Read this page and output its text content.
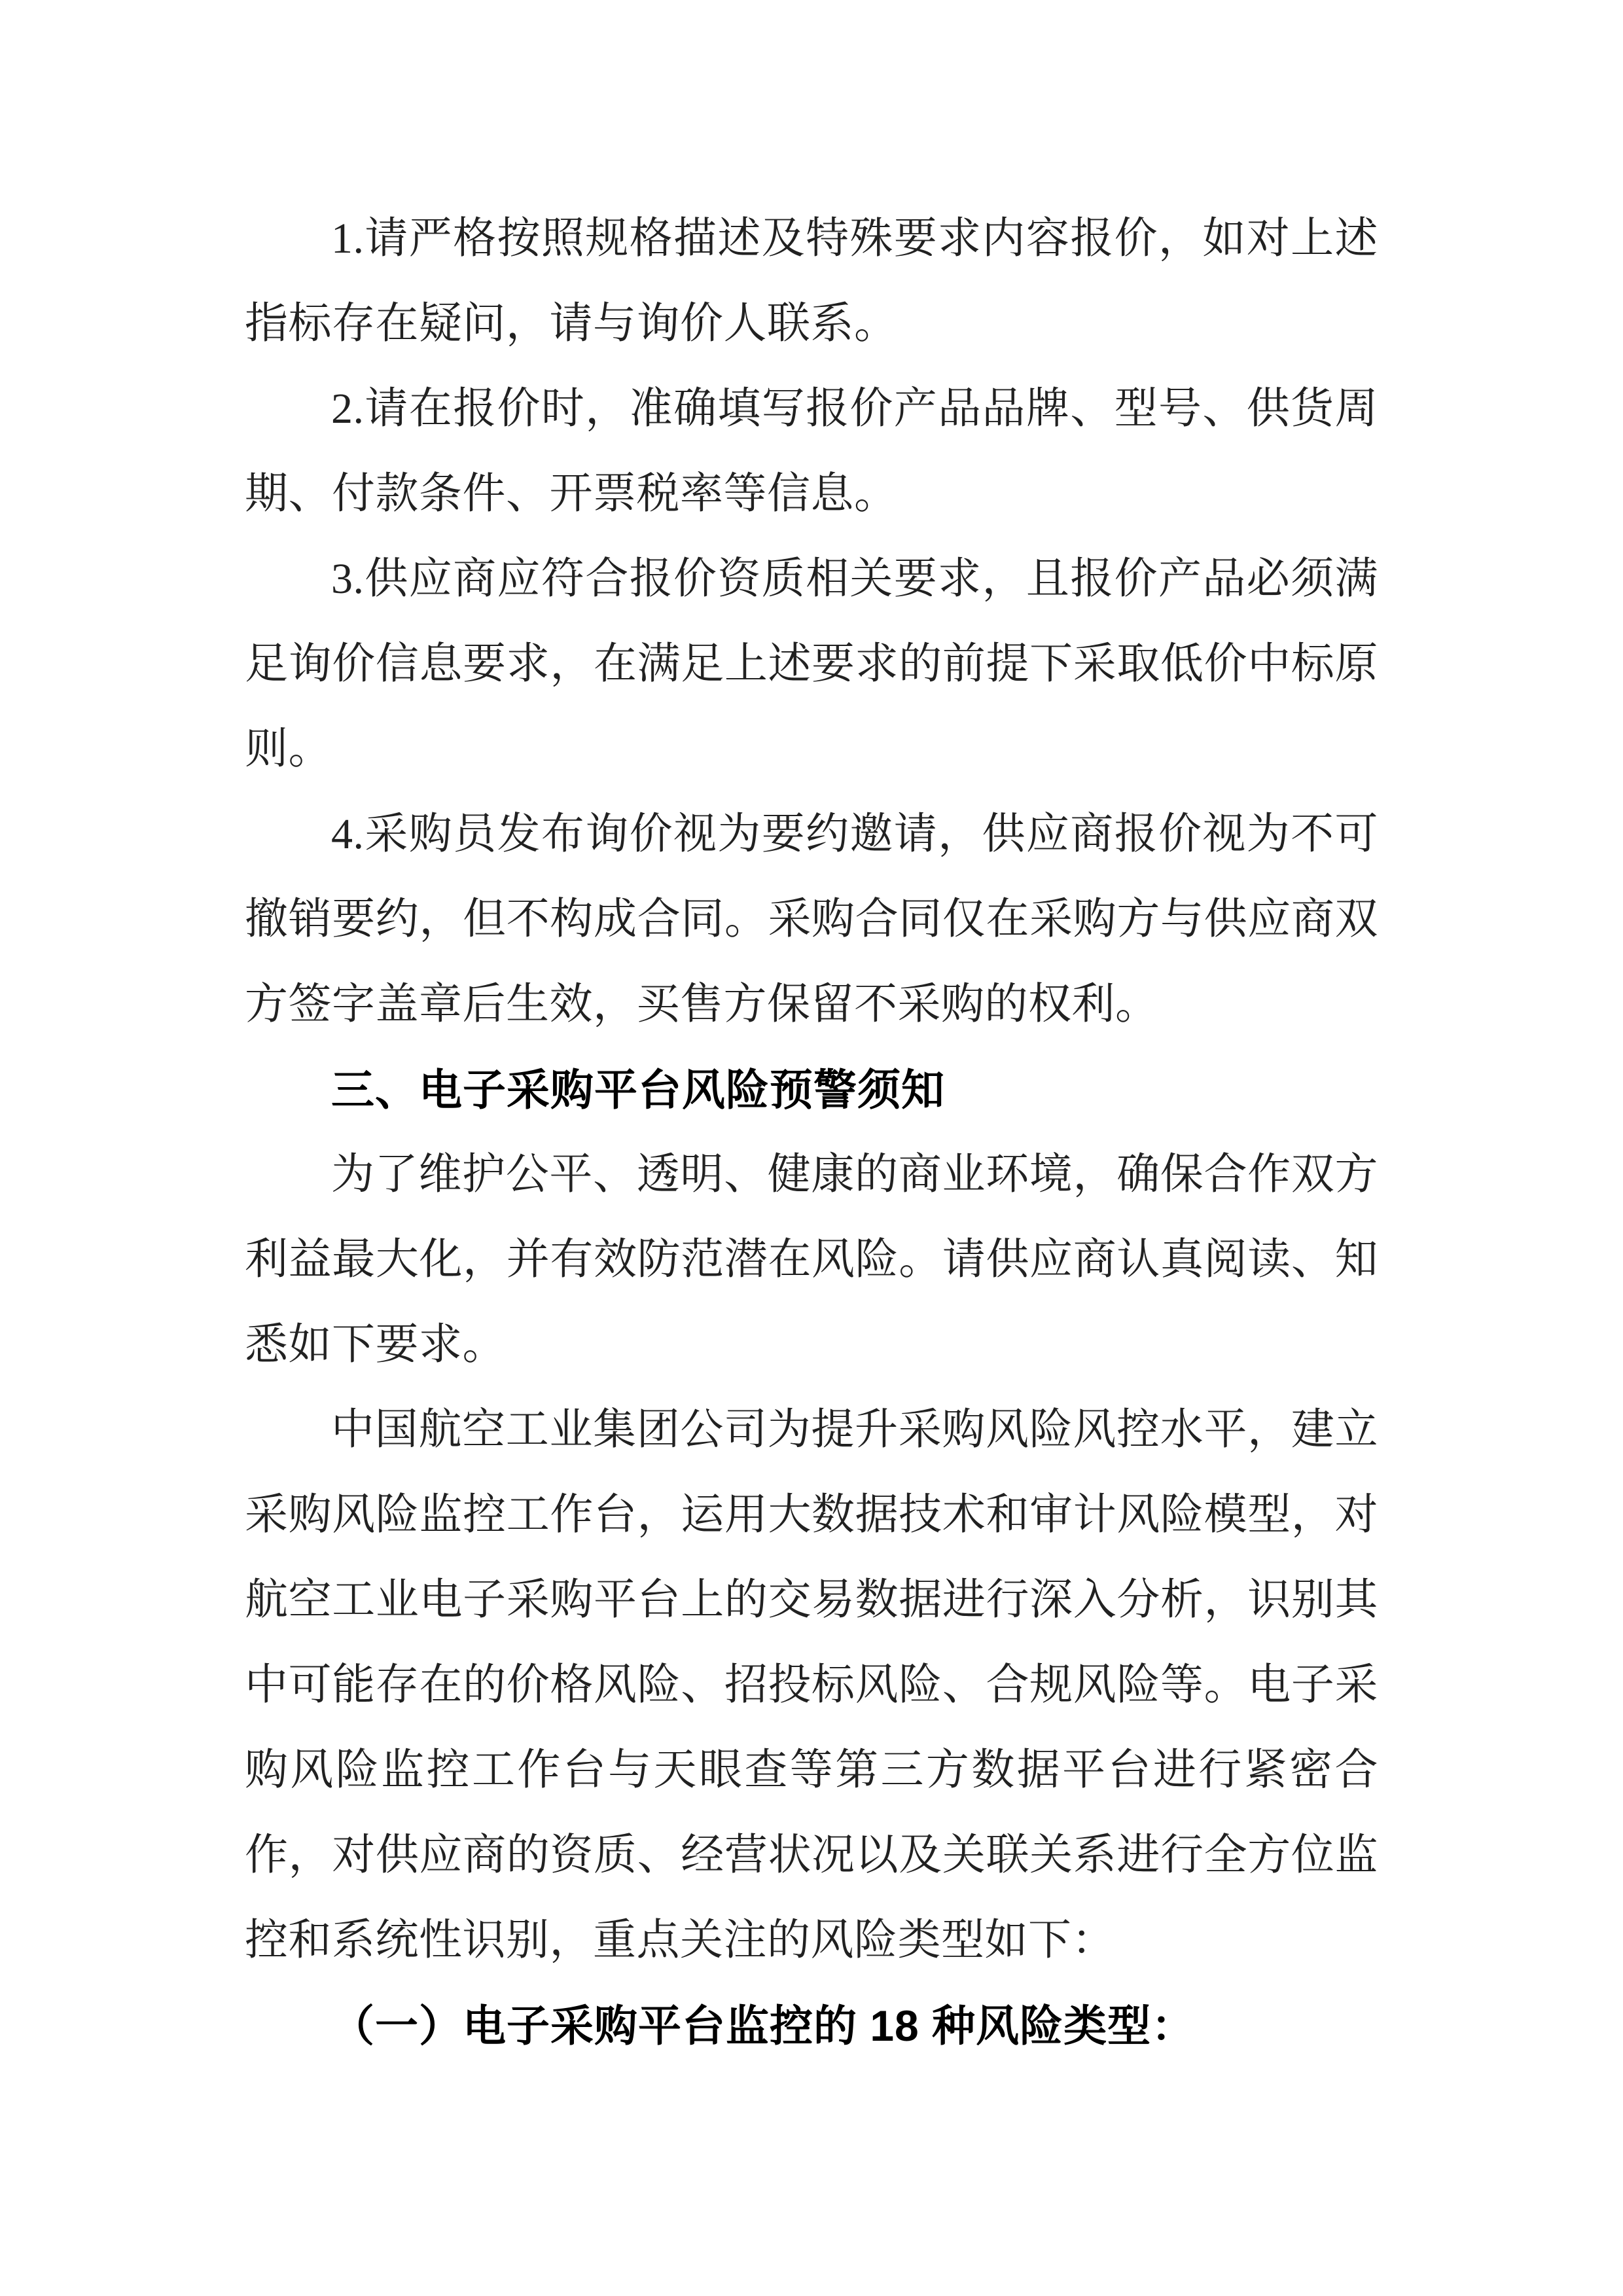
1.请严格按照规格描述及特殊要求内容报价，如对上述指标存在疑问，请与询价人联系。

2.请在报价时，准确填写报价产品品牌、型号、供货周期、付款条件、开票税率等信息。

3.供应商应符合报价资质相关要求，且报价产品必须满足询价信息要求，在满足上述要求的前提下采取低价中标原则。

4.采购员发布询价视为要约邀请，供应商报价视为不可撤销要约，但不构成合同。采购合同仅在采购方与供应商双方签字盖章后生效，买售方保留不采购的权利。

三、电子采购平台风险预警须知

为了维护公平、透明、健康的商业环境，确保合作双方利益最大化，并有效防范潜在风险。请供应商认真阅读、知悉如下要求。

中国航空工业集团公司为提升采购风险风控水平，建立采购风险监控工作台，运用大数据技术和审计风险模型，对航空工业电子采购平台上的交易数据进行深入分析，识别其中可能存在的价格风险、招投标风险、合规风险等。电子采购风险监控工作台与天眼查等第三方数据平台进行紧密合作，对供应商的资质、经营状况以及关联关系进行全方位监控和系统性识别，重点关注的风险类型如下：

（一）电子采购平台监控的 18 种风险类型：
